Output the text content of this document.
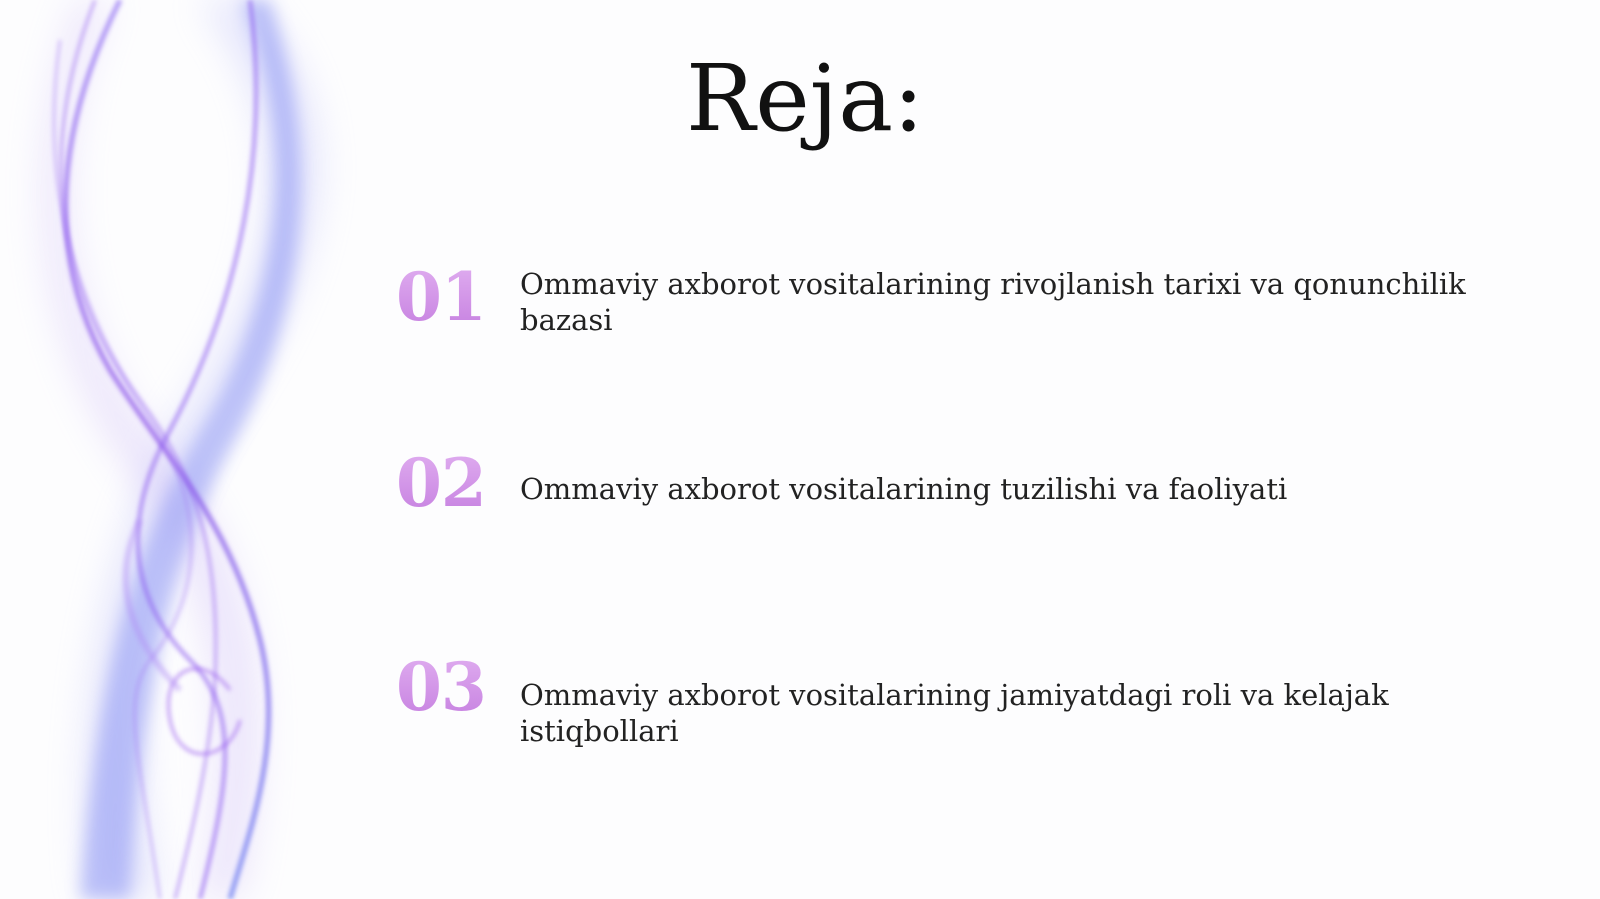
Reja:
01 Ommaviy axborot vositalarining rivojlanish tarixi va qonunchilik bazasi
02 Ommaviy axborot vositalarining tuzilishi va faoliyati
03 Ommaviy axborot vositalarining jamiyatdagi roli va kelajak istiqbollari
